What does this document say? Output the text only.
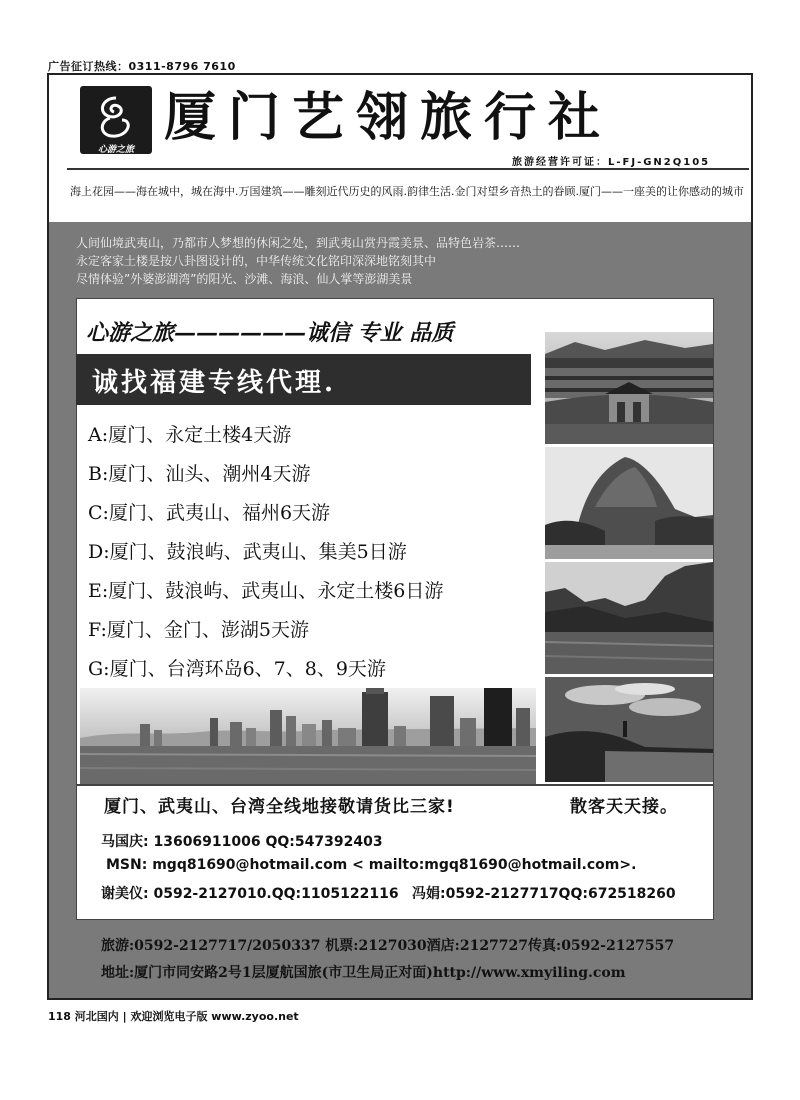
广告征订热线：0311-8796 7610
心游之旅
厦门艺翎旅行社
旅游经营许可证：L-FJ-GN2Q105
海上花园——海在城中，城在海中.万国建筑——雕刻近代历史的风雨.韵律生活.金门对望乡音热土的眷顾.厦门——一座美的让你感动的城市
人间仙境武夷山，乃都市人梦想的休闲之处，到武夷山赏丹霞美景、品特色岩茶……
永定客家土楼是按八卦图设计的，中华传统文化铭印深深地铭刻其中
尽情体验”外婆澎湖湾”的阳光、沙滩、海浪、仙人掌等澎湖美景
心游之旅——————诚信 专业 品质
诚找福建专线代理.
A:厦门、永定土楼4天游
B:厦门、汕头、潮州4天游
C:厦门、武夷山、福州6天游
D:厦门、鼓浪屿、武夷山、集美5日游
E:厦门、鼓浪屿、武夷山、永定土楼6日游
F:厦门、金门、澎湖5天游
G:厦门、台湾环岛6、7、8、9天游
厦门、武夷山、台湾全线地接敬请货比三家!	散客天天接。
马国庆: 13606911006 QQ:547392403
MSN: mgq81690@hotmail.com < mailto:mgq81690@hotmail.com>.
谢美仪: 0592-2127010.QQ:1105122116 冯娟:0592-2127717QQ:672518260
旅游:0592-2127717/2050337 机票:2127030酒店:2127727传真:0592-2127557
地址:厦门市同安路2号1层厦航国旅(市卫生局正对面)http://www.xmyiling.com
118 河北国内 | 欢迎浏览电子版 www.zyoo.net
